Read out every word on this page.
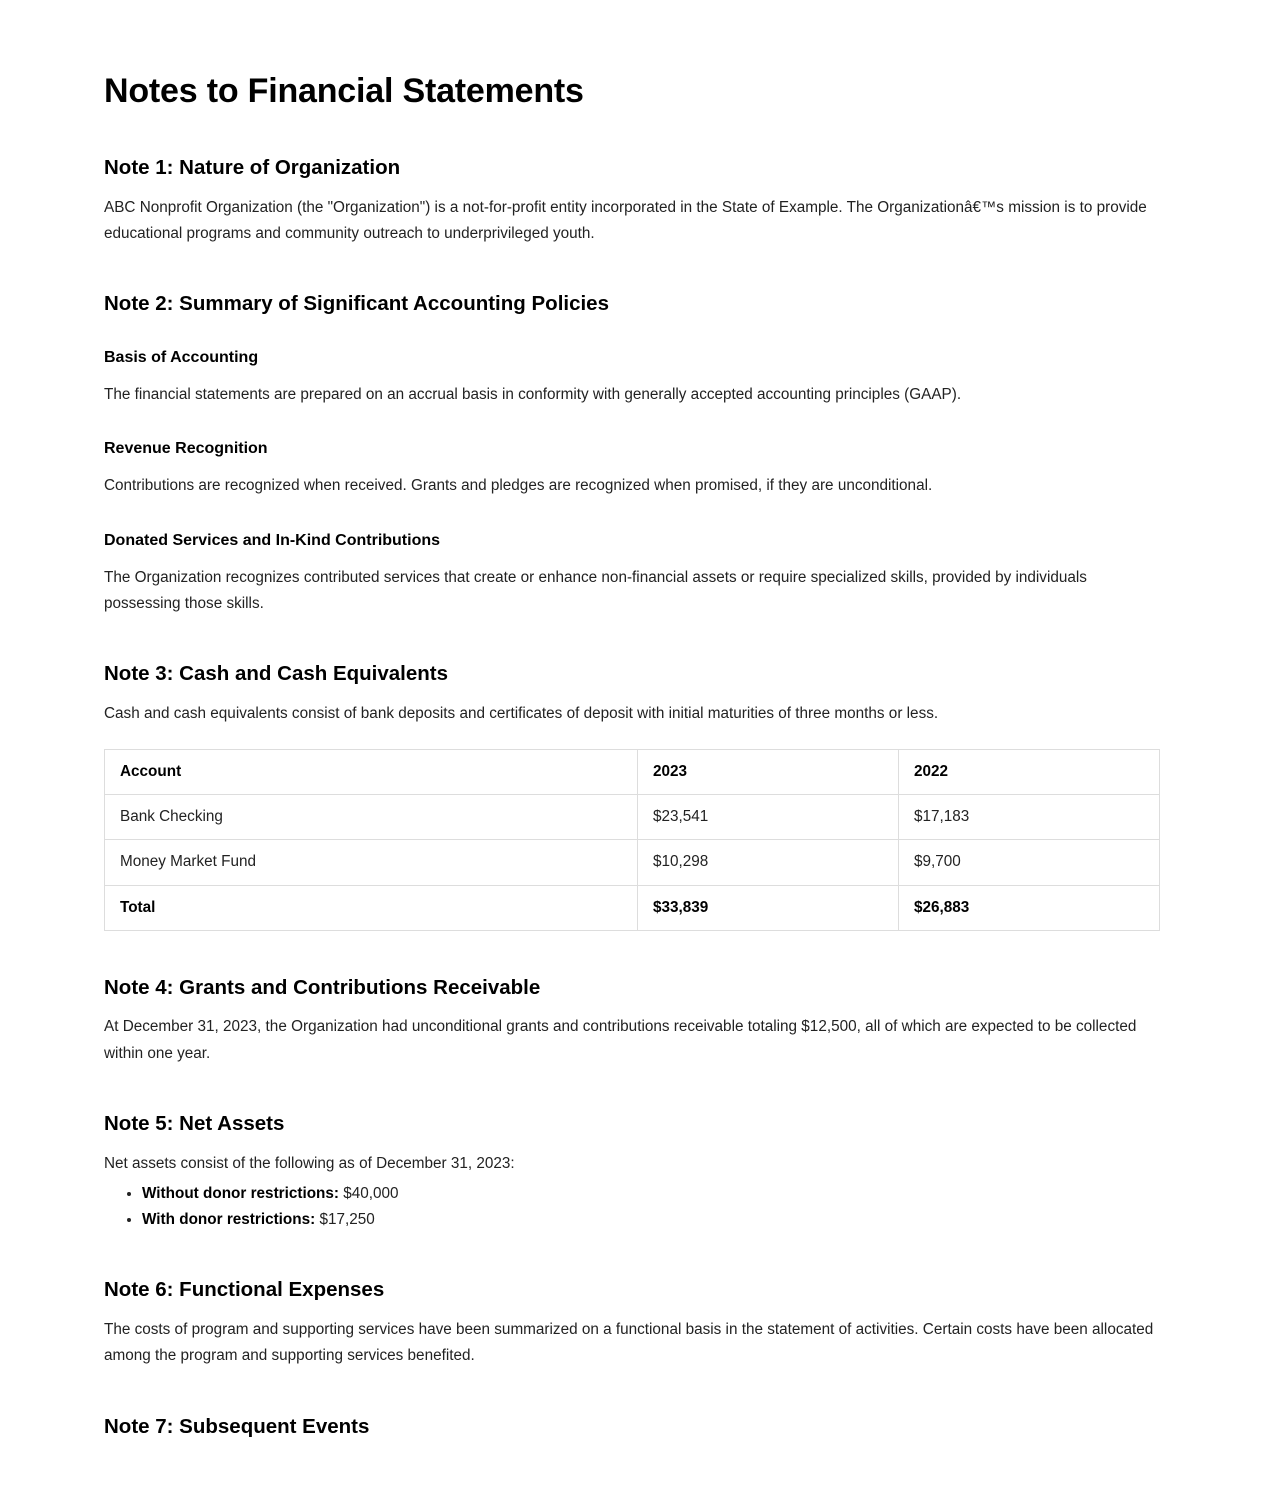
Notes to Financial Statements
Note 1: Nature of Organization

ABC Nonprofit Organization (the "Organization") is a not-for-profit entity incorporated in the State of Example. The Organizationâ€™s mission is to provide educational programs and community outreach to underprivileged youth.

Note 2: Summary of Significant Accounting Policies
Basis of Accounting

The financial statements are prepared on an accrual basis in conformity with generally accepted accounting principles (GAAP).

Revenue Recognition

Contributions are recognized when received. Grants and pledges are recognized when promised, if they are unconditional.

Donated Services and In-Kind Contributions

The Organization recognizes contributed services that create or enhance non-financial assets or require specialized skills, provided by individuals possessing those skills.

Note 3: Cash and Cash Equivalents

Cash and cash equivalents consist of bank deposits and certificates of deposit with initial maturities of three months or less.

Account	2023	2022
Bank Checking	$23,541	$17,183
Money Market Fund	$10,298	$9,700
Total	$33,839	$26,883
Note 4: Grants and Contributions Receivable

At December 31, 2023, the Organization had unconditional grants and contributions receivable totaling $12,500, all of which are expected to be collected within one year.

Note 5: Net Assets

Net assets consist of the following as of December 31, 2023:

• Without donor restrictions: $40,000
• With donor restrictions: $17,250
Note 6: Functional Expenses

The costs of program and supporting services have been summarized on a functional basis in the statement of activities. Certain costs have been allocated among the program and supporting services benefited.

Note 7: Subsequent Events
